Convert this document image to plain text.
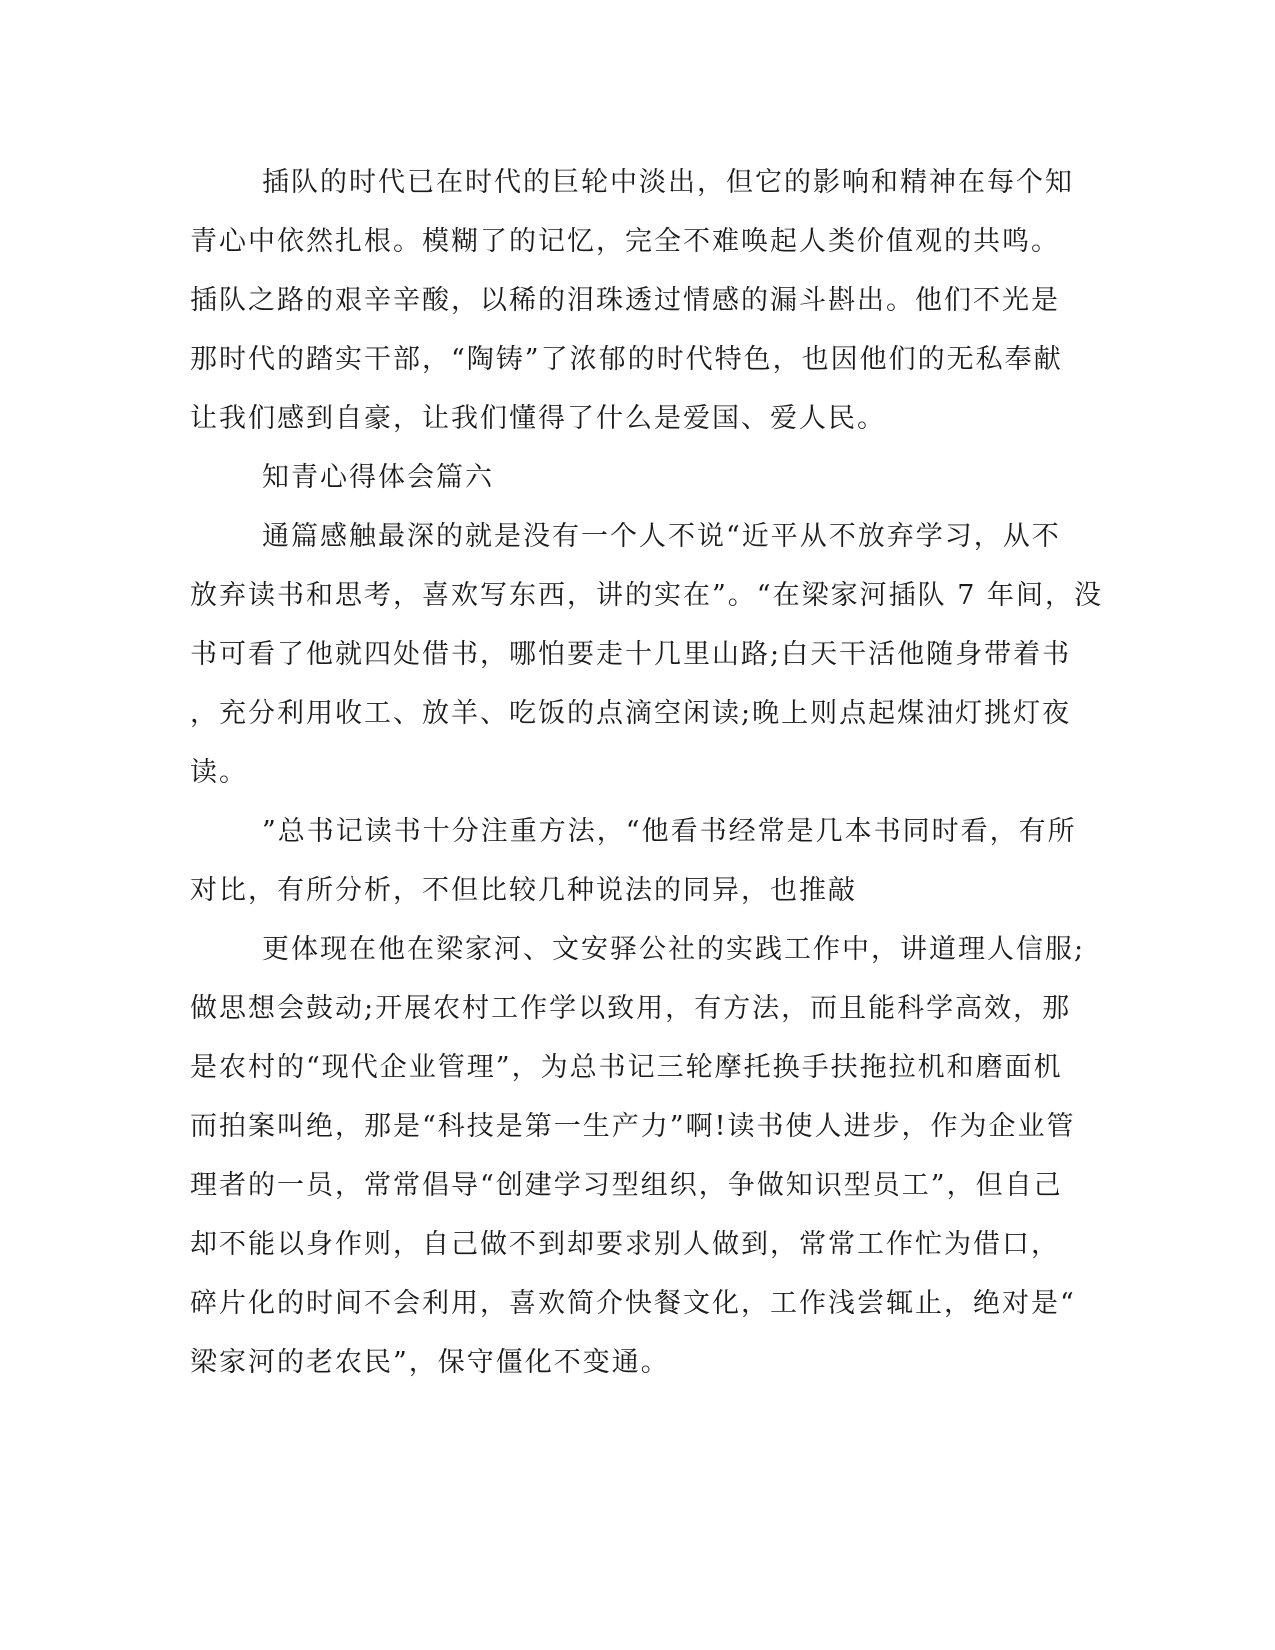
插队的时代已在时代的巨轮中淡出，但它的影响和精神在每个知
青心中依然扎根。模糊了的记忆，完全不难唤起人类价值观的共鸣。
插队之路的艰辛辛酸，以稀的泪珠透过情感的漏斗斟出。他们不光是
那时代的踏实干部，“陶铸”了浓郁的时代特色，也因他们的无私奉献
让我们感到自豪，让我们懂得了什么是爱国、爱人民。
知青心得体会篇六
通篇感触最深的就是没有一个人不说“近平从不放弃学习，从不
放弃读书和思考，喜欢写东西，讲的实在”。“在梁家河插队 7 年间，没
书可看了他就四处借书，哪怕要走十几里山路;白天干活他随身带着书
，充分利用收工、放羊、吃饭的点滴空闲读;晚上则点起煤油灯挑灯夜
读。
”总书记读书十分注重方法，“他看书经常是几本书同时看，有所
对比，有所分析，不但比较几种说法的同异，也推敲
更体现在他在梁家河、文安驿公社的实践工作中，讲道理人信服;
做思想会鼓动;开展农村工作学以致用，有方法，而且能科学高效，那
是农村的“现代企业管理”，为总书记三轮摩托换手扶拖拉机和磨面机
而拍案叫绝，那是“科技是第一生产力”啊!读书使人进步，作为企业管
理者的一员，常常倡导“创建学习型组织，争做知识型员工”，但自己
却不能以身作则，自己做不到却要求别人做到，常常工作忙为借口，
碎片化的时间不会利用，喜欢简介快餐文化，工作浅尝辄止，绝对是“
梁家河的老农民”，保守僵化不变通。
